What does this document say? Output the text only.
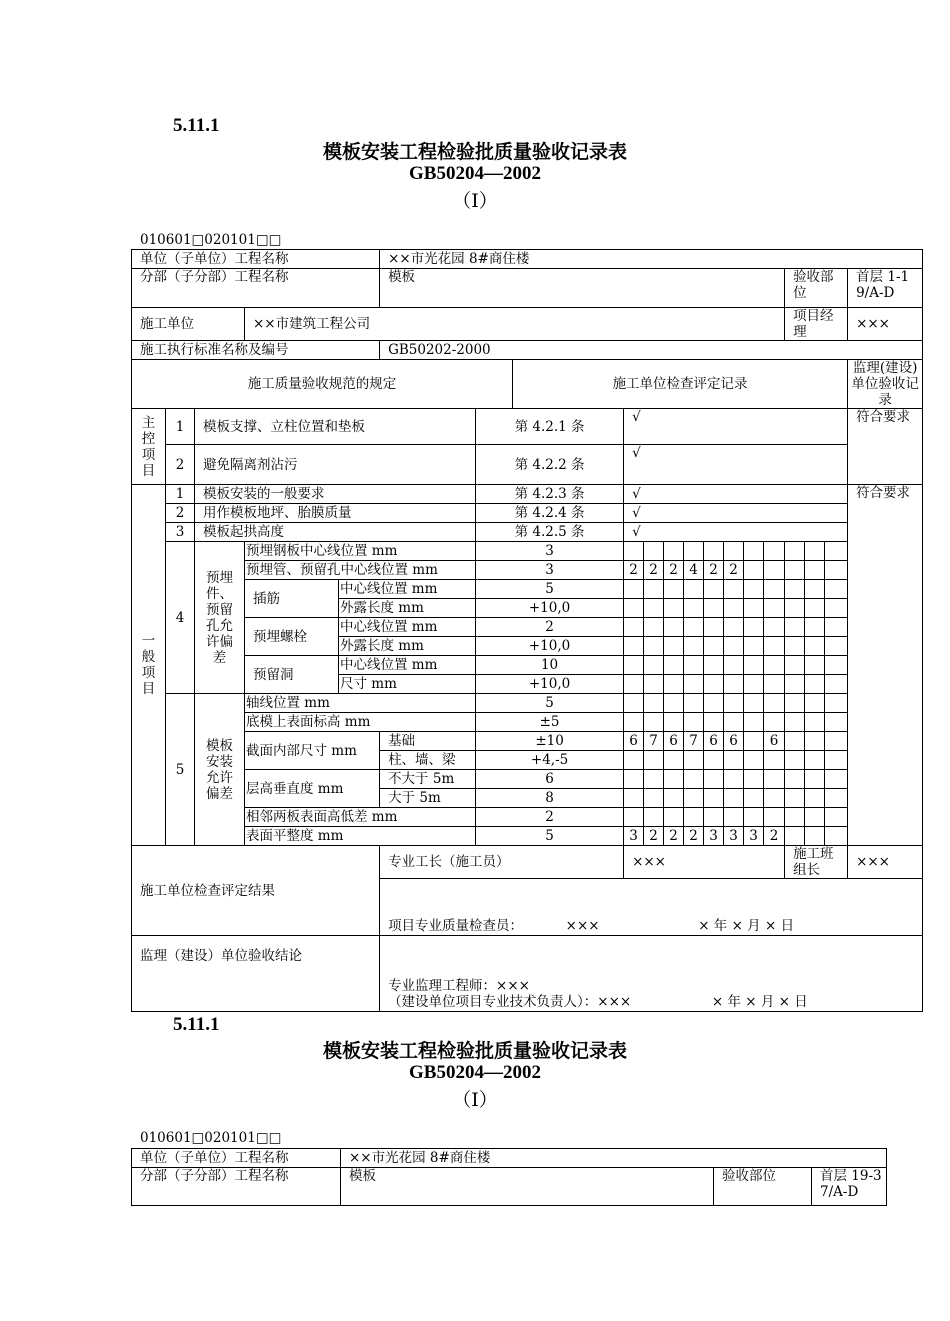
5.11.1
模板安装工程检验批质量验收记录表
GB50204—2002
（Ⅰ）
010601□020101□□
单位（子单位）工程名称					××市光花园 8#商住楼														
分部（子分部）工程名称					模板											验收部位			首层 1-19/A-D
施工单位			××市建筑工程公司													项目经理			×××
施工执行标准名称及编号					GB50202-2000														
施工质量验收规范的规定							施工单位检查评定记录												监理(建设)单位验收记录
主控项目	1	模板支撑、立柱位置和垫板				第 4.2.1 条		√											符合要求
	2	避免隔离剂沾污				第 4.2.2 条		√											
一般项目	1	模板安装的一般要求				第 4.2.3 条		√											符合要求
	2	用作模板地坪、胎膜质量				第 4.2.4 条		√											
	3	模板起拱高度				第 4.2.5 条		√											
	4	预埋件、预留孔允许偏差	预埋钢板中心线位置 mm			3													
			预埋管、预留孔中心线位置 mm			3		2	2	2	4	2	2						
			插筋	中心线位置 mm		5													
				外露长度 mm		+10,0													
			预埋螺栓	中心线位置 mm		2													
				外露长度 mm		+10,0													
			预留洞	中心线位置 mm		10													
				尺寸 mm		+10,0													
	5	模板安装允许偏差	轴线位置 mm			5													
			底模上表面标高 mm			±5													
			截面内部尺寸 mm		基础	±10		6	7	6	7	6	6		6				
					柱、墙、梁	+4,-5													
			层高垂直度 mm		不大于 5m	6													
					大于 5m	8													
			相邻两板表面高低差 mm			2													
			表面平整度 mm			5		3	2	2	2	3	3	3	2				
施工单位检查评定结果					专业工长（施工员）			×××								施工班组长			×××

					项目专业质量检查员： ××× × 年 × 月 × 日														
监理（建设）单位验收结论					专业监理工程师：×××
（建设单位项目专业技术负责人）：××× × 年 × 月 × 日														
5.11.1
模板安装工程检验批质量验收记录表
GB50204—2002
（Ⅰ）
010601□020101□□
单位（子单位）工程名称	××市光花园 8#商住楼		
分部（子分部）工程名称	模板	验收部位	首层 19-37/A-D
